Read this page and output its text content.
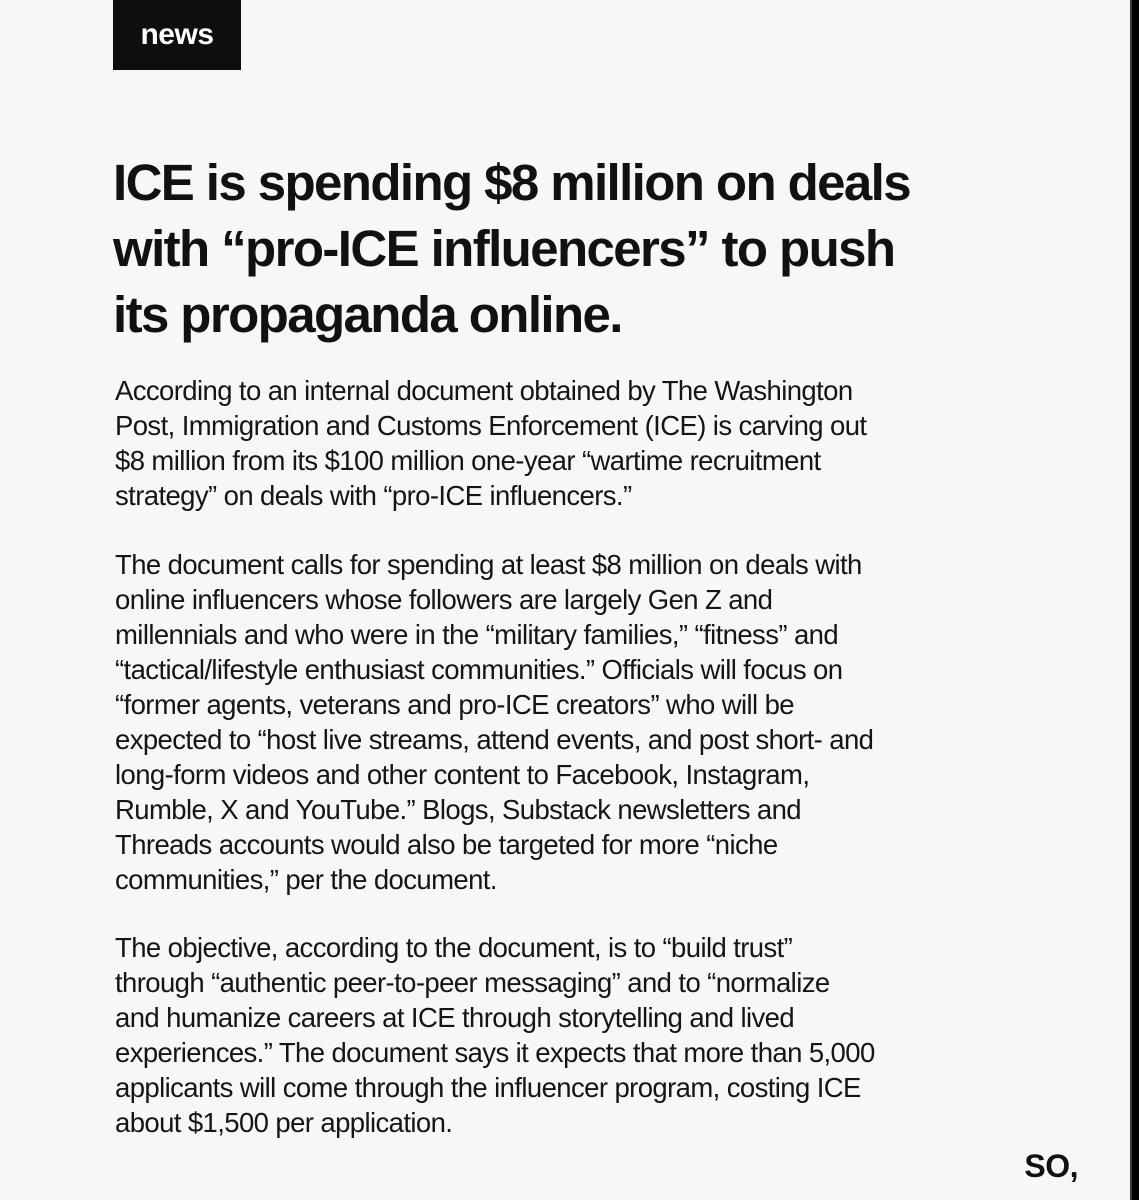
news
ICE is spending $8 million on deals
with “pro-ICE influencers” to push
its propaganda online.

According to an internal document obtained by The Washington
Post, Immigration and Customs Enforcement (ICE) is carving out
$8 million from its $100 million one-year “wartime recruitment
strategy” on deals with “pro-ICE influencers.”

The document calls for spending at least $8 million on deals with
online influencers whose followers are largely Gen Z and
millennials and who were in the “military families,” “fitness” and
“tactical/lifestyle enthusiast communities.” Officials will focus on
“former agents, veterans and pro-ICE creators” who will be
expected to “host live streams, attend events, and post short- and
long-form videos and other content to Facebook, Instagram,
Rumble, X and YouTube.” Blogs, Substack newsletters and
Threads accounts would also be targeted for more “niche
communities,” per the document.

The objective, according to the document, is to “build trust”
through “authentic peer-to-peer messaging” and to “normalize
and humanize careers at ICE through storytelling and lived
experiences.” The document says it expects that more than 5,000
applicants will come through the influencer program, costing ICE
about $1,500 per application.

SO,
